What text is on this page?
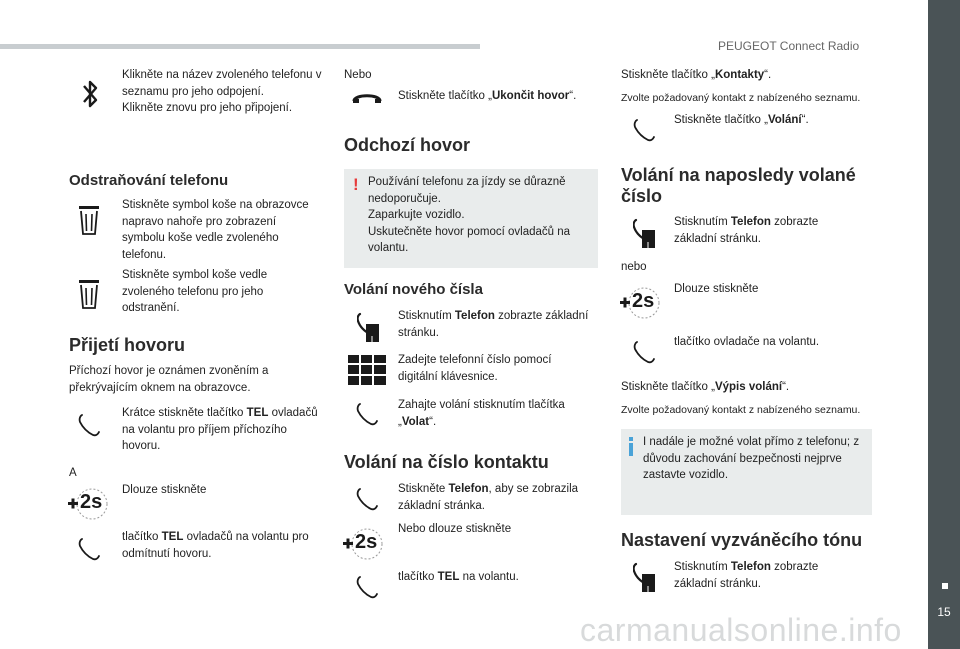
PEUGEOT Connect Radio
15
carmanualsonline.info
Klikněte na název zvoleného telefonu v seznamu pro jeho odpojení.
Klikněte znovu pro jeho připojení.
Odstraňování telefonu
Stiskněte symbol koše na obrazovce napravo nahoře pro zobrazení symbolu koše vedle zvoleného telefonu.
Stiskněte symbol koše vedle zvoleného telefonu pro jeho odstranění.
Přijetí hovoru
Příchozí hovor je oznámen zvoněním a překrývajícím oknem na obrazovce.
Krátce stiskněte tlačítko TEL ovladačů na volantu pro příjem příchozího hovoru.
A
2s
Dlouze stiskněte
tlačítko TEL ovladačů na volantu pro odmítnutí hovoru.
Nebo
Stiskněte tlačítko „Ukončit hovor“.
Odchozí hovor
! Používání telefonu za jízdy se důrazně nedoporučuje.
Zaparkujte vozidlo.
Uskutečněte hovor pomocí ovladačů na volantu.
Volání nového čísla
Stisknutím Telefon zobrazte základní stránku.
Zadejte telefonní číslo pomocí digitální klávesnice.
Zahajte volání stisknutím tlačítka „Volat“.
Volání na číslo kontaktu
Stiskněte Telefon, aby se zobrazila základní stránka.
2s
Nebo dlouze stiskněte
tlačítko TEL na volantu.
Stiskněte tlačítko „Kontakty“.
Zvolte požadovaný kontakt z nabízeného seznamu.
Stiskněte tlačítko „Volání“.
Volání na naposledy volané číslo
Stisknutím Telefon zobrazte základní stránku.
nebo
2s
Dlouze stiskněte
tlačítko ovladače na volantu.
Stiskněte tlačítko „Výpis volání“.
Zvolte požadovaný kontakt z nabízeného seznamu.
I nadále je možné volat přímo z telefonu; z důvodu zachování bezpečnosti nejprve zastavte vozidlo.
Nastavení vyzváněcího tónu
Stisknutím Telefon zobrazte základní stránku.
